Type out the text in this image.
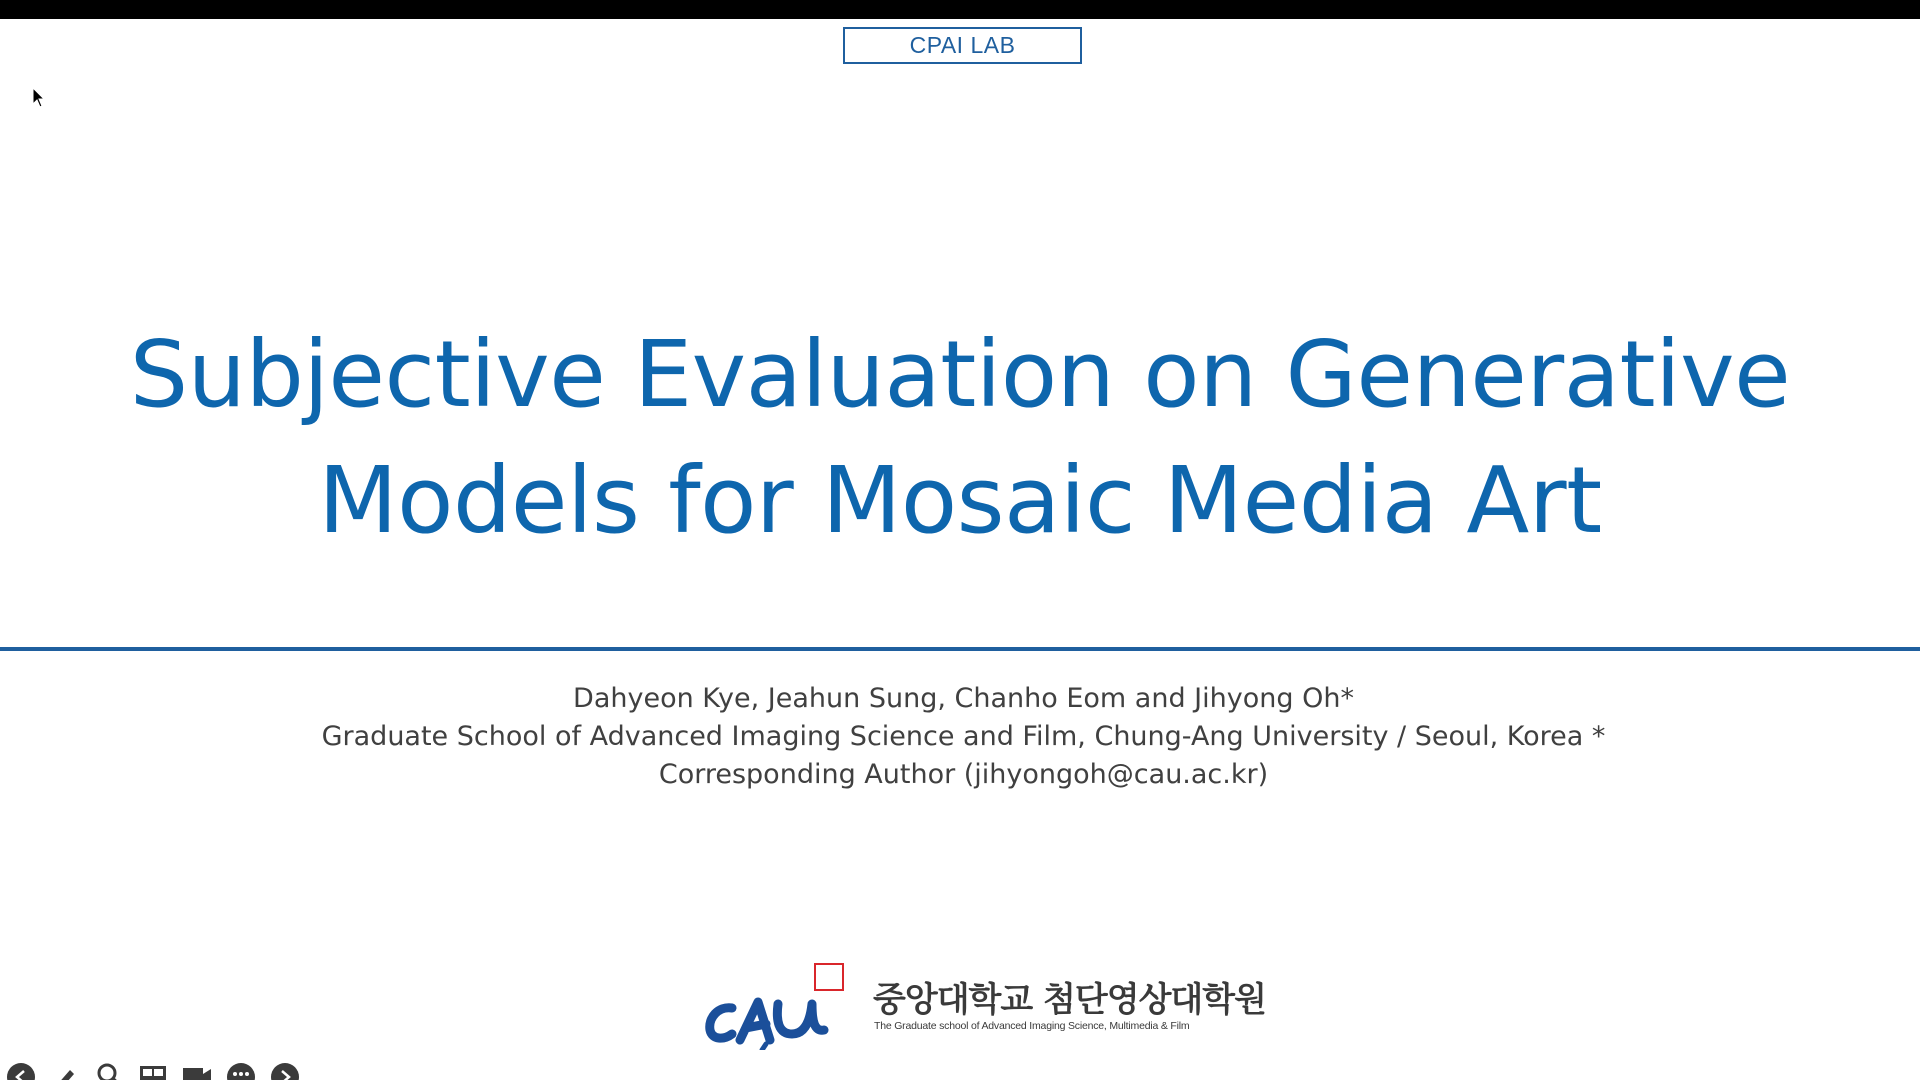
CPAI LAB
Subjective Evaluation on Generative
Models for Mosaic Media Art
Dahyeon Kye, Jeahun Sung, Chanho Eom and Jihyong Oh*
Graduate School of Advanced Imaging Science and Film, Chung-Ang University / Seoul, Korea *
Corresponding Author (jihyongoh@cau.ac.kr)
중앙대학교 첨단영상대학원
The Graduate school of Advanced Imaging Science, Multimedia & Film
